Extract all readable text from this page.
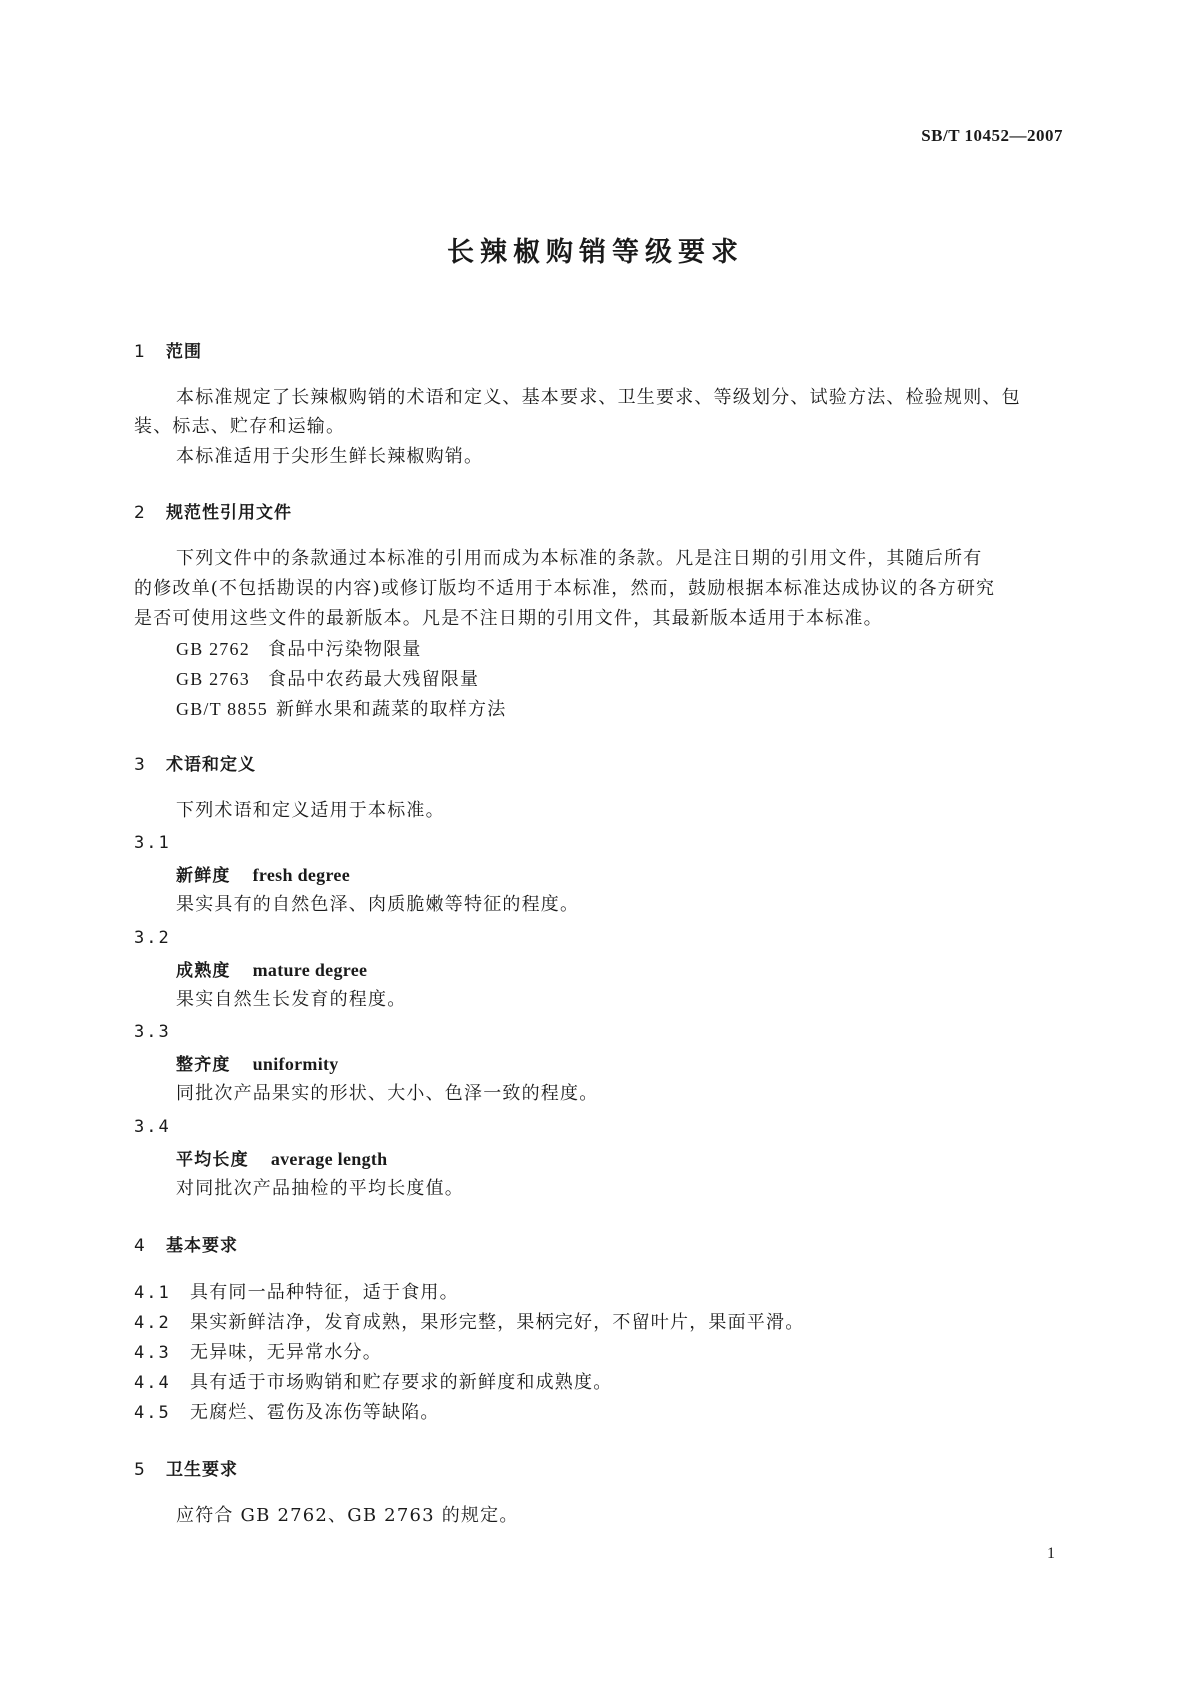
SB/T 10452—2007
长辣椒购销等级要求
1 范围
本标准规定了长辣椒购销的术语和定义、基本要求、卫生要求、等级划分、试验方法、检验规则、包
装、标志、贮存和运输。
本标准适用于尖形生鲜长辣椒购销。
2 规范性引用文件
下列文件中的条款通过本标准的引用而成为本标准的条款。凡是注日期的引用文件，其随后所有
的修改单(不包括勘误的内容)或修订版均不适用于本标准，然而，鼓励根据本标准达成协议的各方研究
是否可使用这些文件的最新版本。凡是不注日期的引用文件，其最新版本适用于本标准。
GB 2762 食品中污染物限量
GB 2763 食品中农药最大残留限量
GB/T 8855 新鲜水果和蔬菜的取样方法
3 术语和定义
下列术语和定义适用于本标准。
3.1
新鲜度 fresh degree
果实具有的自然色泽、肉质脆嫩等特征的程度。
3.2
成熟度 mature degree
果实自然生长发育的程度。
3.3
整齐度 uniformity
同批次产品果实的形状、大小、色泽一致的程度。
3.4
平均长度 average length
对同批次产品抽检的平均长度值。
4 基本要求
4.1 具有同一品种特征，适于食用。
4.2 果实新鲜洁净，发育成熟，果形完整，果柄完好，不留叶片，果面平滑。
4.3 无异味，无异常水分。
4.4 具有适于市场购销和贮存要求的新鲜度和成熟度。
4.5 无腐烂、雹伤及冻伤等缺陷。
5 卫生要求
应符合 GB 2762、GB 2763 的规定。
1
